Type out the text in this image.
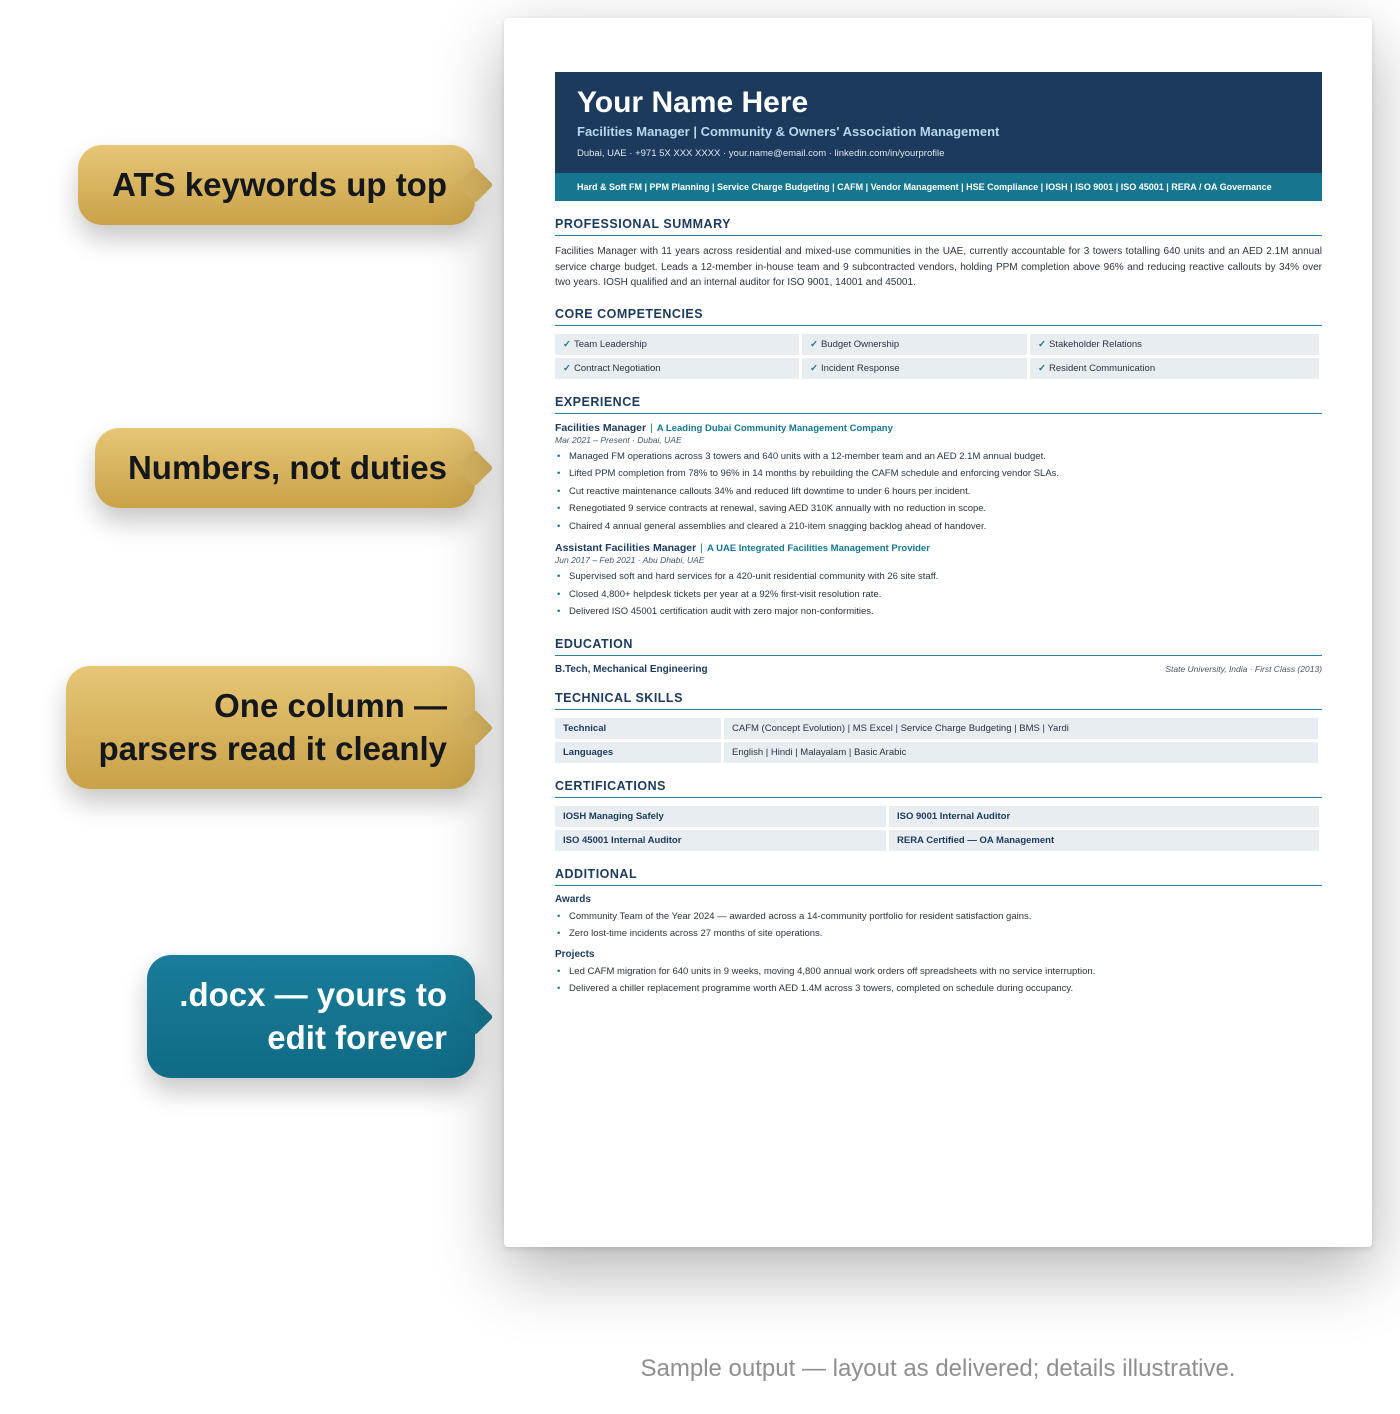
ATS keywords up top
Numbers, not duties
One column —
parsers read it cleanly
.docx — yours to
edit forever
Your Name Here
Facilities Manager | Community & Owners' Association Management
Dubai, UAE · +971 5X XXX XXXX · your.name@email.com · linkedin.com/in/yourprofile
Hard & Soft FM | PPM Planning | Service Charge Budgeting | CAFM | Vendor Management | HSE Compliance | IOSH | ISO 9001 | ISO 45001 | RERA / OA Governance
PROFESSIONAL SUMMARY
Facilities Manager with 11 years across residential and mixed-use communities in the UAE, currently accountable for 3 towers totalling 640 units and an AED 2.1M annual service charge budget. Leads a 12-member in-house team and 9 subcontracted vendors, holding PPM completion above 96% and reducing reactive callouts by 34% over two years. IOSH qualified and an internal auditor for ISO 9001, 14001 and 45001.
CORE COMPETENCIES
✓ Team Leadership	✓ Budget Ownership	✓ Stakeholder Relations
✓ Contract Negotiation	✓ Incident Response	✓ Resident Communication
EXPERIENCE
Facilities Manager | A Leading Dubai Community Management Company
Mar 2021 – Present · Dubai, UAE
• Managed FM operations across 3 towers and 640 units with a 12-member team and an AED 2.1M annual budget.
• Lifted PPM completion from 78% to 96% in 14 months by rebuilding the CAFM schedule and enforcing vendor SLAs.
• Cut reactive maintenance callouts 34% and reduced lift downtime to under 6 hours per incident.
• Renegotiated 9 service contracts at renewal, saving AED 310K annually with no reduction in scope.
• Chaired 4 annual general assemblies and cleared a 210-item snagging backlog ahead of handover.
Assistant Facilities Manager | A UAE Integrated Facilities Management Provider
Jun 2017 – Feb 2021 · Abu Dhabi, UAE
• Supervised soft and hard services for a 420-unit residential community with 26 site staff.
• Closed 4,800+ helpdesk tickets per year at a 92% first-visit resolution rate.
• Delivered ISO 45001 certification audit with zero major non-conformities.
EDUCATION
B.Tech, Mechanical Engineering	State University, India · First Class (2013)
TECHNICAL SKILLS
Technical	CAFM (Concept Evolution) | MS Excel | Service Charge Budgeting | BMS | Yardi
Languages	English | Hindi | Malayalam | Basic Arabic
CERTIFICATIONS
IOSH Managing Safely	ISO 9001 Internal Auditor
ISO 45001 Internal Auditor	RERA Certified — OA Management
ADDITIONAL
Awards
• Community Team of the Year 2024 — awarded across a 14-community portfolio for resident satisfaction gains.
• Zero lost-time incidents across 27 months of site operations.
Projects
• Led CAFM migration for 640 units in 9 weeks, moving 4,800 annual work orders off spreadsheets with no service interruption.
• Delivered a chiller replacement programme worth AED 1.4M across 3 towers, completed on schedule during occupancy.
Sample output — layout as delivered; details illustrative.
